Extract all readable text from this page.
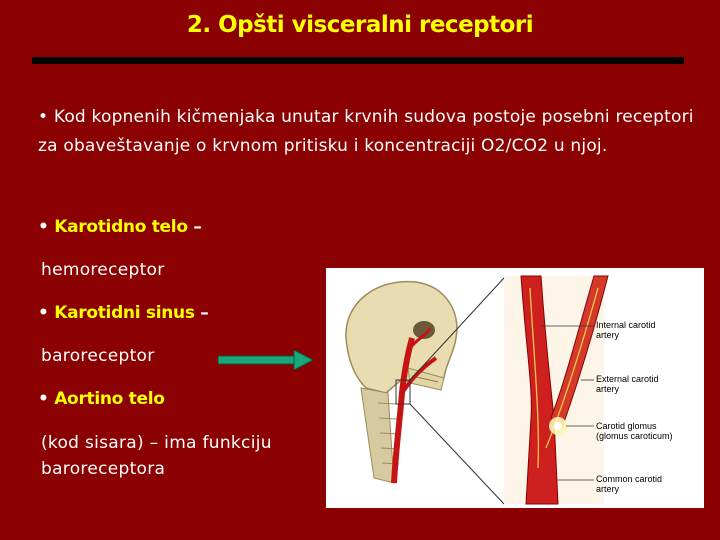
2. Opšti visceralni receptori
• Kod kopnenih kičmenjaka unutar krvnih sudova postoje posebni receptori za obaveštavanje o krvnom pritisku i koncentraciji O2/CO2 u njoj.
• Karotidno telo –
hemoreceptor
• Karotidni sinus –
baroreceptor
• Aortino telo
(kod sisara) – ima funkciju baroreceptora
Internal carotid
artery
External carotid
artery
Carotid glomus
(glomus caroticum)
Common carotid
artery
